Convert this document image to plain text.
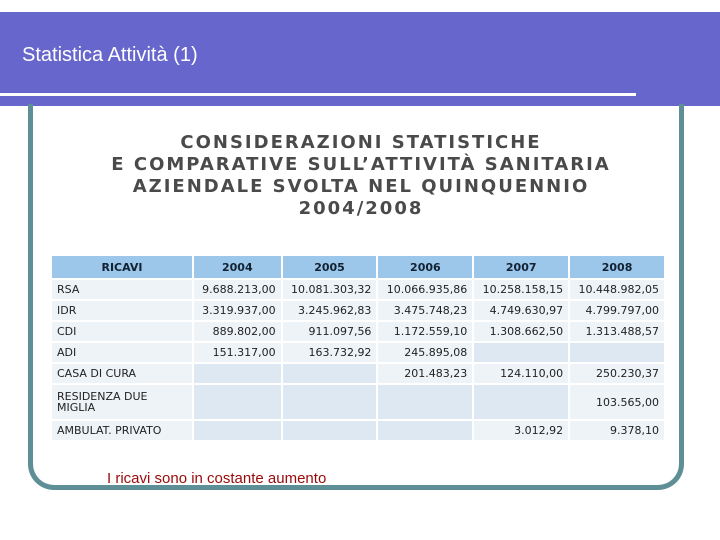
Statistica Attività (1)
CONSIDERAZIONI STATISTICHE
E COMPARATIVE SULL’ATTIVITÀ SANITARIA
AZIENDALE SVOLTA NEL QUINQUENNIO
2004/2008
RICAVI	2004	2005	2006	2007	2008
RSA	9.688.213,00	10.081.303,32	10.066.935,86	10.258.158,15	10.448.982,05
IDR	3.319.937,00	3.245.962,83	3.475.748,23	4.749.630,97	4.799.797,00
CDI	889.802,00	911.097,56	1.172.559,10	1.308.662,50	1.313.488,57
ADI	151.317,00	163.732,92	245.895,08		
CASA DI CURA			201.483,23	124.110,00	250.230,37
RESIDENZA DUE MIGLIA					103.565,00
AMBULAT. PRIVATO				3.012,92	9.378,10
I ricavi sono in costante aumento
